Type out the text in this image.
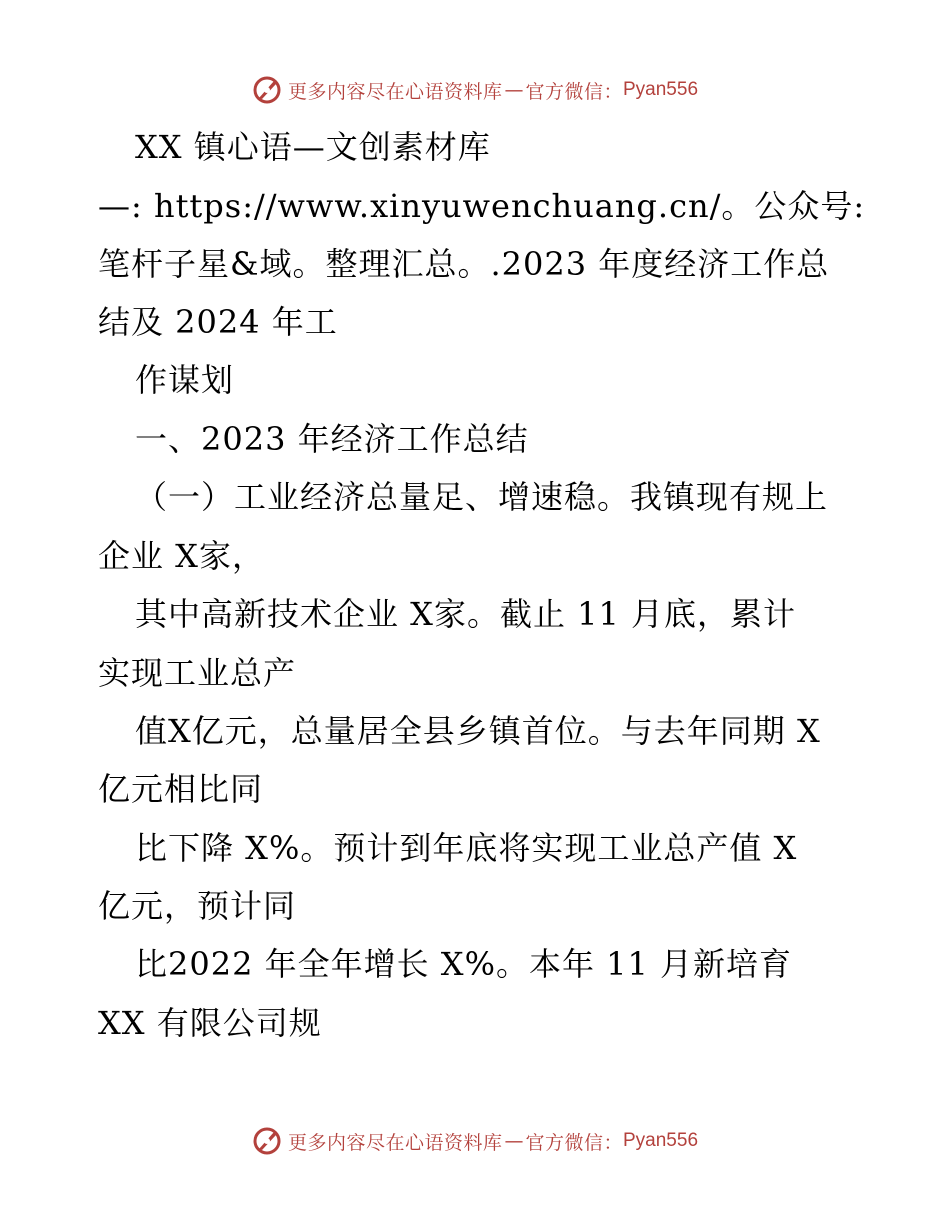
更多内容尽在心语资料库 — 官方微信： Pyan556
XX 镇心语—文创素材库
—: https://www.xinyuwenchuang.cn/。公众号:
笔杆子星&域。整理汇总。.2023 年度经济工作总
结及 2024 年工
作谋划
一、2023 年经济工作总结
（一）工业经济总量足、增速稳。我镇现有规上
企业 X家，
其中高新技术企业 X家。截止 11 月底，累计
实现工业总产
值X亿元，总量居全县乡镇首位。与去年同期 X
亿元相比同
比下降 X%。预计到年底将实现工业总产值 X
亿元，预计同
比2022 年全年增长 X%。本年 11 月新培育
XX 有限公司规
更多内容尽在心语资料库 — 官方微信： Pyan556
